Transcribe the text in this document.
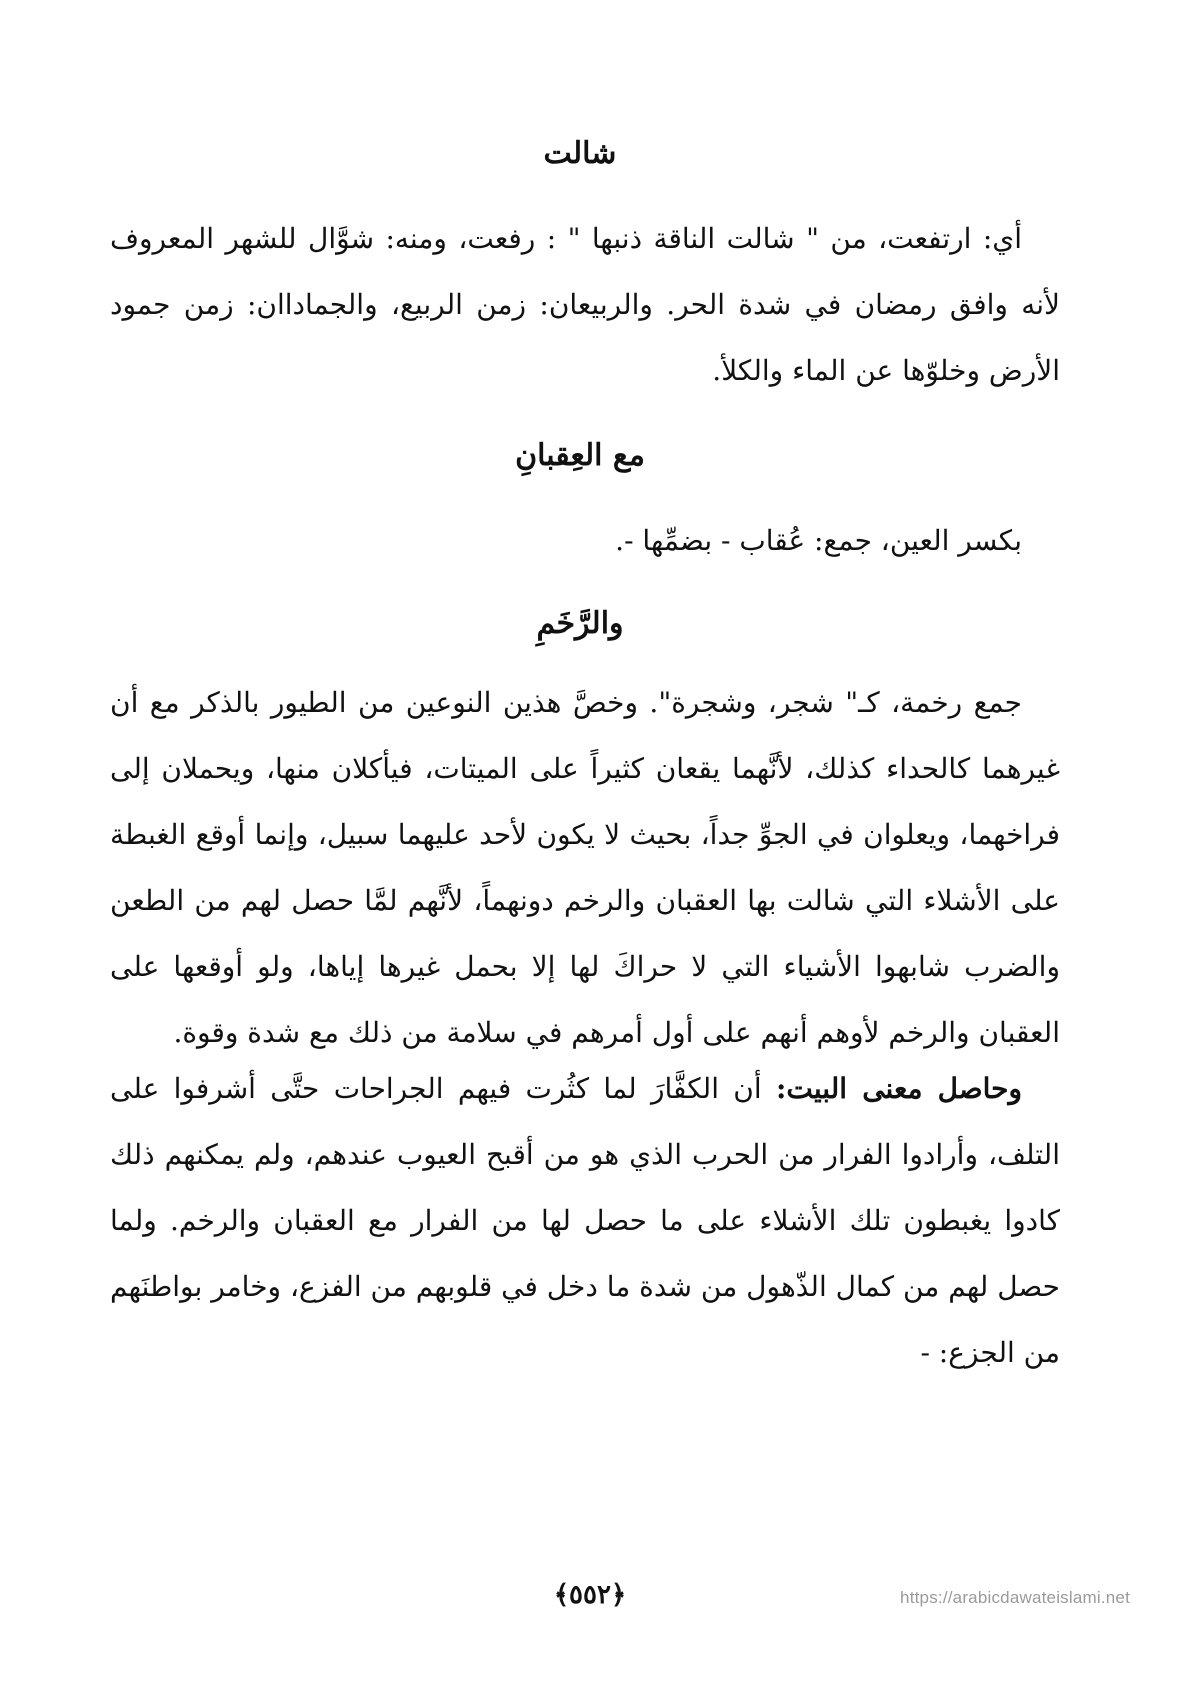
شالت

أي: ارتفعت، من " شالت الناقة ذنبها " : رفعت، ومنه: شوَّال للشهر المعروف لأنه وافق رمضان في شدة الحر. والربيعان: زمن الربيع، والجماداان: زمن جمود الأرض وخلوّها عن الماء والكلأ.

مع العِقبانِ

بكسر العين، جمع: عُقاب - بضمِّها -.

والرَّخَمِ

جمع رخمة، كـ" شجر، وشجرة". وخصَّ هذين النوعين من الطيور بالذكر مع أن غيرهما كالحداء كذلك، لأنَّهما يقعان كثيراً على الميتات، فيأكلان منها، ويحملان إلى فراخهما، ويعلوان في الجوِّ جداً، بحيث لا يكون لأحد عليهما سبيل، وإنما أوقع الغبطة على الأشلاء التي شالت بها العقبان والرخم دونهماً، لأنَّهم لمَّا حصل لهم من الطعن والضرب شابهوا الأشياء التي لا حراكَ لها إلا بحمل غيرها إياها، ولو أوقعها على العقبان والرخم لأوهم أنهم على أول أمرهم في سلامة من ذلك مع شدة وقوة.

وحاصل معنى البيت: أن الكفَّارَ لما كثُرت فيهم الجراحات حتَّى أشرفوا على التلف، وأرادوا الفرار من الحرب الذي هو من أقبح العيوب عندهم، ولم يمكنهم ذلك كادوا يغبطون تلك الأشلاء على ما حصل لها من الفرار مع العقبان والرخم. ولما حصل لهم من كمال الذّهول من شدة ما دخل في قلوبهم من الفزع، وخامر بواطنَهم من الجزع: -

﴿٥٥٢﴾	https://arabicdawateislami.net
